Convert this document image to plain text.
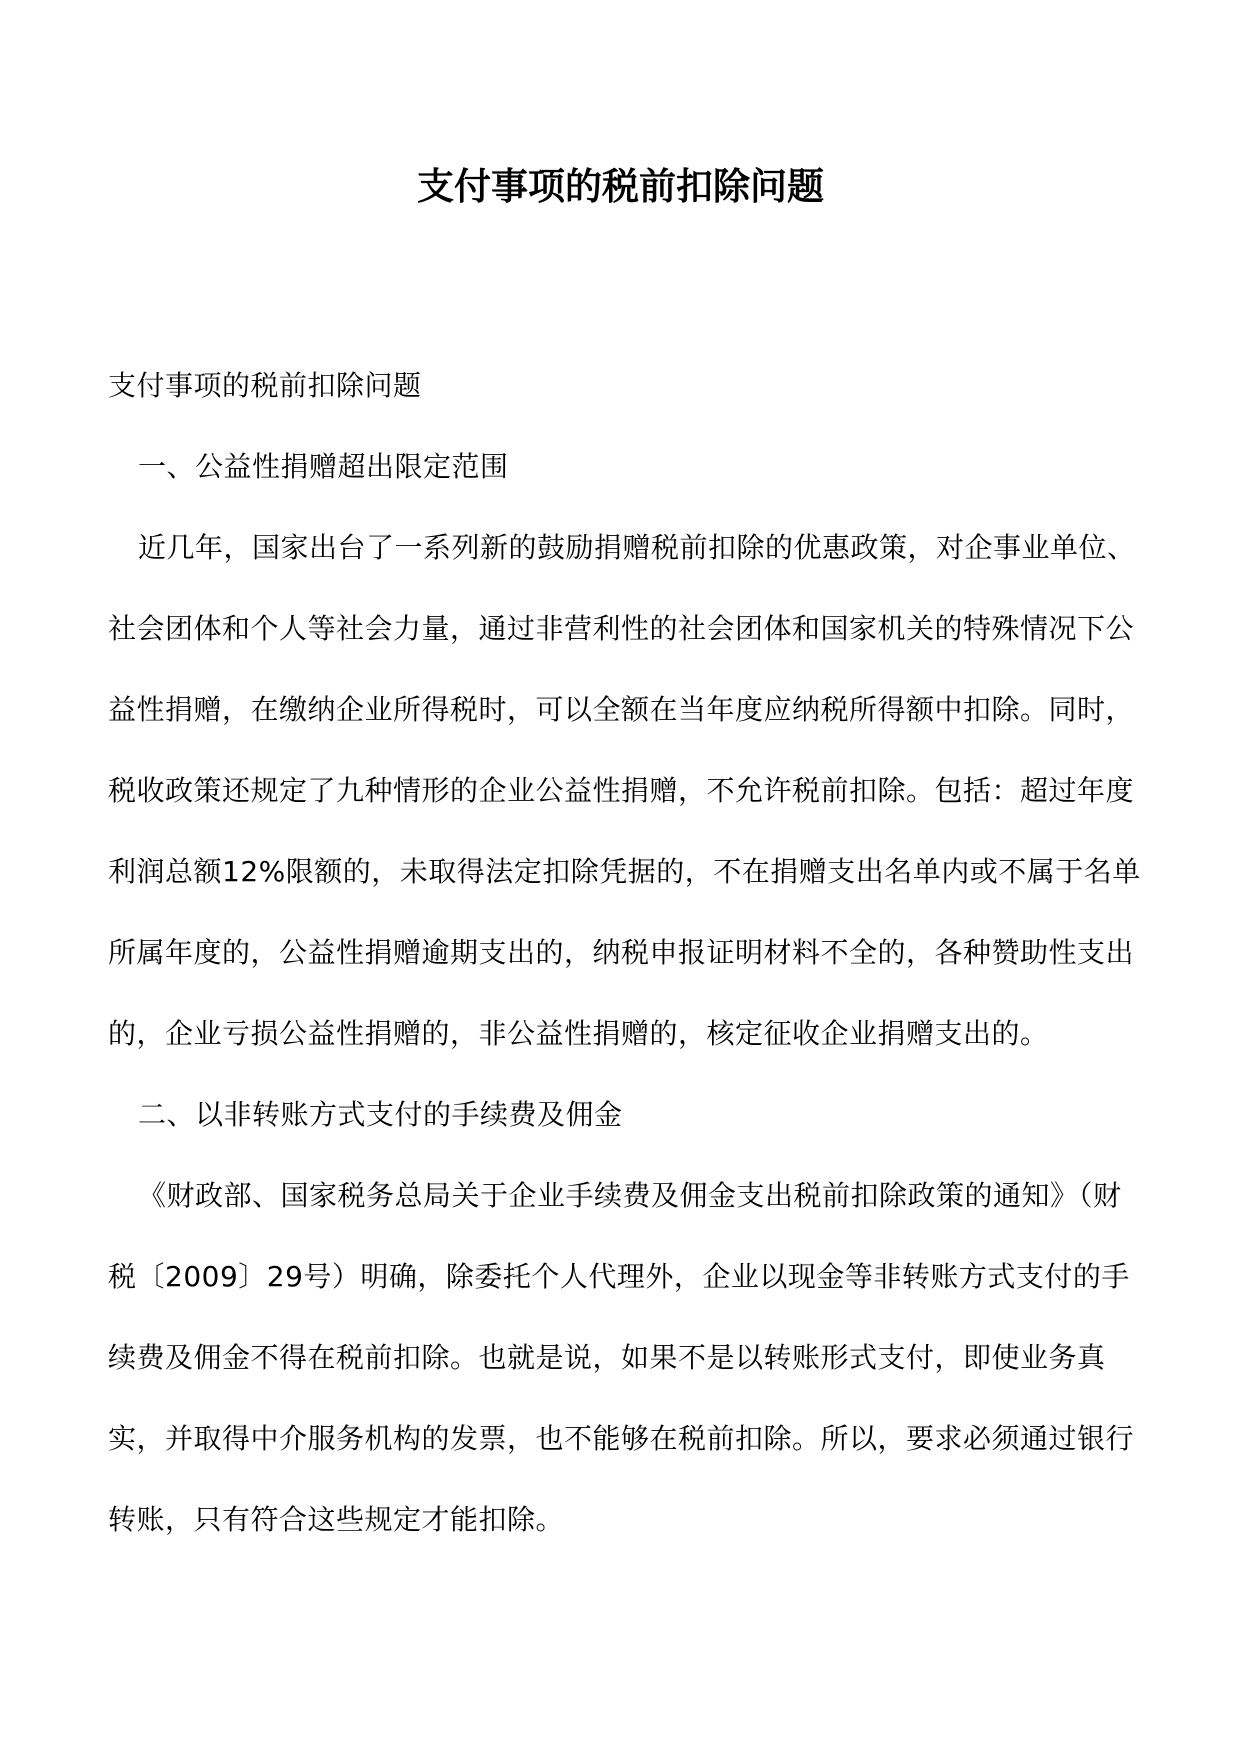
支付事项的税前扣除问题

支付事项的税前扣除问题

一、公益性捐赠超出限定范围

近几年，国家出台了一系列新的鼓励捐赠税前扣除的优惠政策，对企事业单位、社会团体和个人等社会力量，通过非营利性的社会团体和国家机关的特殊情况下公益性捐赠，在缴纳企业所得税时，可以全额在当年度应纳税所得额中扣除。同时，税收政策还规定了九种情形的企业公益性捐赠，不允许税前扣除。包括：超过年度利润总额12%限额的，未取得法定扣除凭据的，不在捐赠支出名单内或不属于名单所属年度的，公益性捐赠逾期支出的，纳税申报证明材料不全的，各种赞助性支出的，企业亏损公益性捐赠的，非公益性捐赠的，核定征收企业捐赠支出的。

二、以非转账方式支付的手续费及佣金

《财政部、国家税务总局关于企业手续费及佣金支出税前扣除政策的通知》（财税〔2009〕29号）明确，除委托个人代理外，企业以现金等非转账方式支付的手续费及佣金不得在税前扣除。也就是说，如果不是以转账形式支付，即使业务真实，并取得中介服务机构的发票，也不能够在税前扣除。所以，要求必须通过银行转账，只有符合这些规定才能扣除。
